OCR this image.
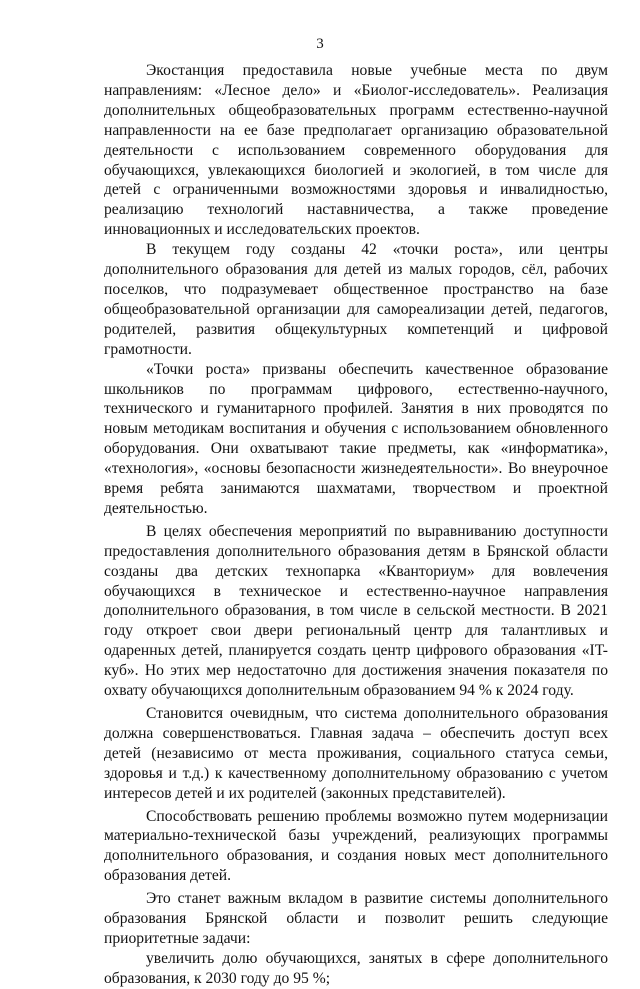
3

Экостанция предоставила новые учебные места по двум направлениям: «Лесное дело» и «Биолог-исследователь». Реализация дополнительных общеобразовательных программ естественно-научной направленности на ее базе предполагает организацию образовательной деятельности с использованием современного оборудования для обучающихся, увлекающихся биологией и экологией, в том числе для детей с ограниченными возможностями здоровья и инвалидностью, реализацию технологий наставничества, а также проведение инновационных и исследовательских проектов.

В текущем году созданы 42 «точки роста», или центры дополнительного образования для детей из малых городов, сёл, рабочих поселков, что подразумевает общественное пространство на базе общеобразовательной организации для самореализации детей, педагогов, родителей, развития общекультурных компетенций и цифровой грамотности.

«Точки роста» призваны обеспечить качественное образование школьников по программам цифрового, естественно-научного, технического и гуманитарного профилей. Занятия в них проводятся по новым методикам воспитания и обучения с использованием обновленного оборудования. Они охватывают такие предметы, как «информатика», «технология», «основы безопасности жизнедеятельности». Во внеурочное время ребята занимаются шахматами, творчеством и проектной деятельностью.

В целях обеспечения мероприятий по выравниванию доступности предоставления дополнительного образования детям в Брянской области созданы два детских технопарка «Кванториум» для вовлечения обучающихся в техническое и естественно-научное направления дополнительного образования, в том числе в сельской местности. В 2021 году откроет свои двери региональный центр для талантливых и одаренных детей, планируется создать центр цифрового образования «IT-куб». Но этих мер недостаточно для достижения значения показателя по охвату обучающихся дополнительным образованием 94 % к 2024 году.

Становится очевидным, что система дополнительного образования должна совершенствоваться. Главная задача – обеспечить доступ всех детей (независимо от места проживания, социального статуса семьи, здоровья и т.д.) к качественному дополнительному образованию с учетом интересов детей и их родителей (законных представителей).

Способствовать решению проблемы возможно путем модернизации материально-технической базы учреждений, реализующих программы дополнительного образования, и создания новых мест дополнительного образования детей.

Это станет важным вкладом в развитие системы дополнительного образования Брянской области и позволит решить следующие приоритетные задачи:

увеличить долю обучающихся, занятых в сфере дополнительного образования, к 2030 году до 95 %;
